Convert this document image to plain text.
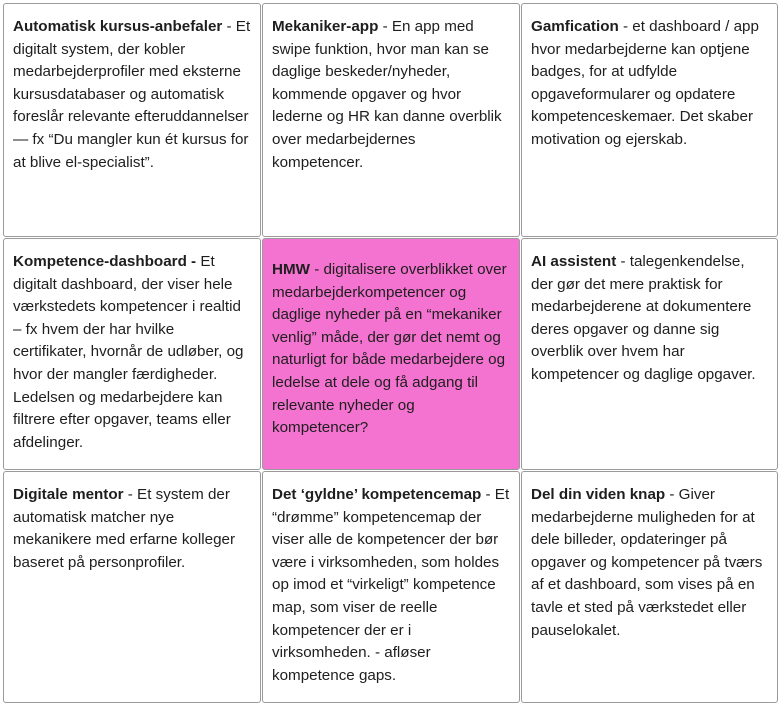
Automatisk kursus-anbefaler - Et digitalt system, der kobler medarbejderprofiler med eksterne kursusdatabaser og automatisk foreslår relevante efteruddannelser — fx “Du mangler kun ét kursus for at blive el-specialist”.
Mekaniker-app - En app med swipe funktion, hvor man kan se daglige beskeder/nyheder, kommende opgaver og hvor lederne og HR kan danne overblik over medarbejdernes kompetencer.
Gamfication - et dashboard / app hvor medarbejderne kan optjene badges, for at udfylde opgaveformularer og opdatere kompetenceskemaer. Det skaber motivation og ejerskab.
Kompetence-dashboard - Et digitalt dashboard, der viser hele værkstedets kompetencer i realtid – fx hvem der har hvilke certifikater, hvornår de udløber, og hvor der mangler færdigheder. Ledelsen og medarbejdere kan filtrere efter opgaver, teams eller afdelinger.
HMW - digitalisere overblikket over medarbejderkompetencer og daglige nyheder på en “mekaniker venlig” måde, der gør det nemt og naturligt for både medarbejdere og ledelse at dele og få adgang til relevante nyheder og kompetencer?
AI assistent - talegenkendelse, der gør det mere praktisk for medarbejderene at dokumentere deres opgaver og danne sig overblik over hvem har kompetencer og daglige opgaver.
Digitale mentor - Et system der automatisk matcher nye mekanikere med erfarne kolleger baseret på personprofiler.
Det ‘gyldne’ kompetencemap - Et “drømme” kompetencemap der viser alle de kompetencer der bør være i virksomheden, som holdes op imod et “virkeligt” kompetence map, som viser de reelle kompetencer der er i virksomheden. - afløser kompetence gaps.
Del din viden knap - Giver medarbejderne muligheden for at dele billeder, opdateringer på opgaver og kompetencer på tværs af et dashboard, som vises på en tavle et sted på værkstedet eller pauselokalet.
